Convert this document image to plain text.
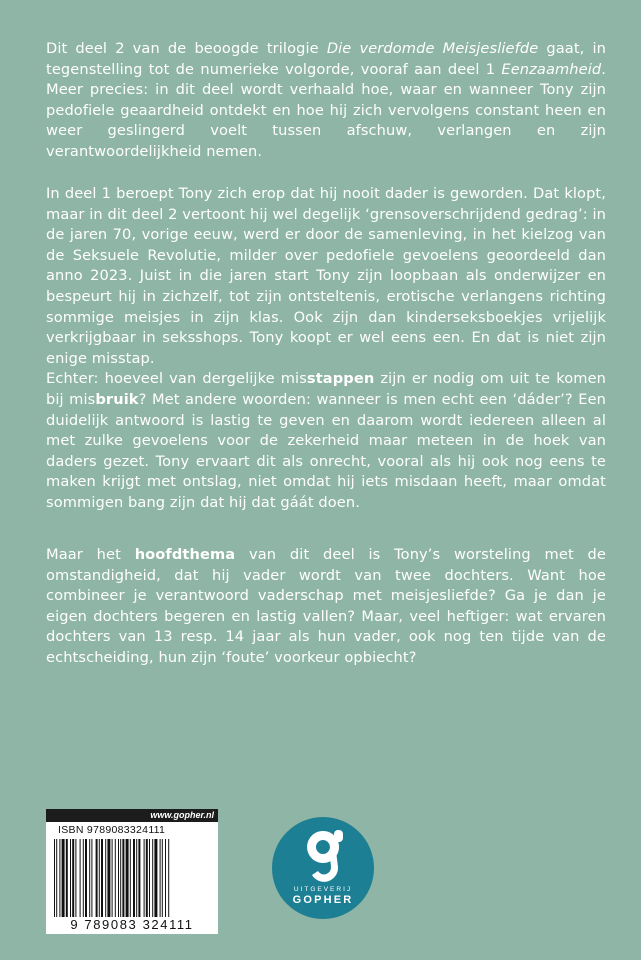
Dit deel 2 van de beoogde trilogie Die verdomde Meisjesliefde gaat, in tegenstelling tot de numerieke volgorde, vooraf aan deel 1 Eenzaamheid. Meer precies: in dit deel wordt verhaald hoe, waar en wanneer Tony zijn pedofiele geaardheid ontdekt en hoe hij zich vervolgens constant heen en weer geslingerd voelt tussen afschuw, verlangen en zijn verantwoordelijkheid nemen.

In deel 1 beroept Tony zich erop dat hij nooit dader is geworden. Dat klopt, maar in dit deel 2 vertoont hij wel degelijk ‘grensoverschrijdend gedrag’: in de jaren 70, vorige eeuw, werd er door de samenleving, in het kielzog van de Seksuele Revolutie, milder over pedofiele gevoelens geoordeeld dan anno 2023. Juist in die jaren start Tony zijn loopbaan als onderwijzer en bespeurt hij in zichzelf, tot zijn ontsteltenis, erotische verlangens richting sommige meisjes in zijn klas. Ook zijn dan kinderseksboekjes vrijelijk verkrijgbaar in seksshops. Tony koopt er wel eens een. En dat is niet zijn enige misstap.

Echter: hoeveel van dergelijke misstappen zijn er nodig om uit te komen bij misbruik? Met andere woorden: wanneer is men echt een ‘dáder’? Een duidelijk antwoord is lastig te geven en daarom wordt iedereen alleen al met zulke gevoelens voor de zekerheid maar meteen in de hoek van daders gezet. Tony ervaart dit als onrecht, vooral als hij ook nog eens te maken krijgt met ontslag, niet omdat hij iets misdaan heeft, maar omdat sommigen bang zijn dat hij dat gáát doen.

Maar het hoofdthema van dit deel is Tony’s worsteling met de omstandigheid, dat hij vader wordt van twee dochters. Want hoe combineer je verantwoord vaderschap met meisjesliefde? Ga je dan je eigen dochters begeren en lastig vallen? Maar, veel heftiger: wat ervaren dochters van 13 resp. 14 jaar als hun vader, ook nog ten tijde van de echtscheiding, hun zijn ‘foute’ voorkeur opbiecht?

www.gopher.nl
ISBN 9789083324111
9 789083 324111
UITGEVERIJ
GOPHER
